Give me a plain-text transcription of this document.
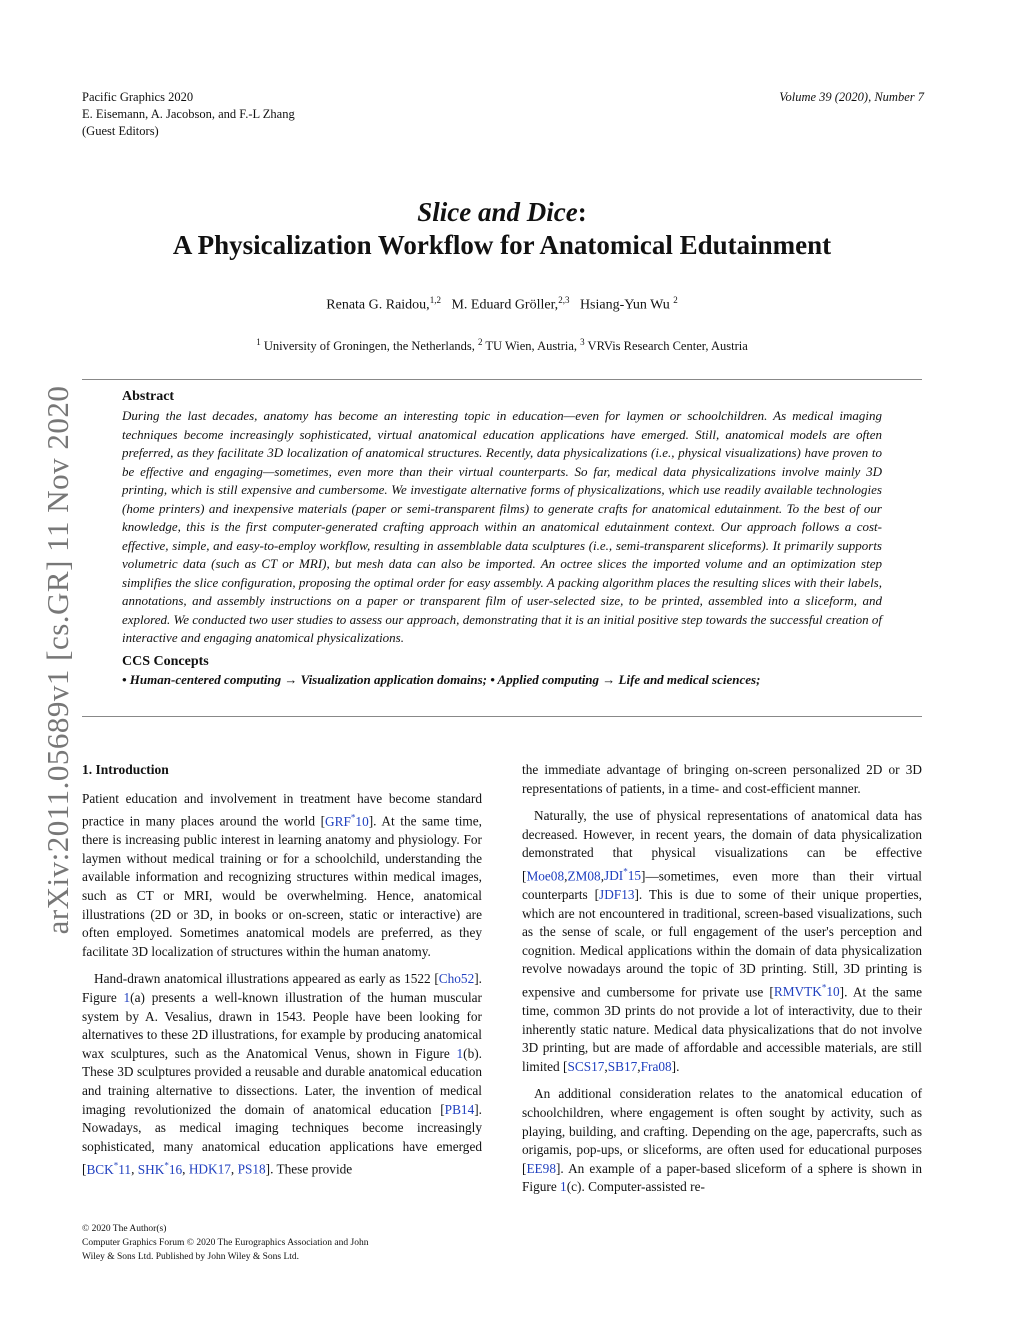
Pacific Graphics 2020
E. Eisemann, A. Jacobson, and F.-L Zhang
(Guest Editors)
Volume 39 (2020), Number 7
arXiv:2011.05689v1 [cs.GR] 11 Nov 2020
Slice and Dice:
A Physicalization Workflow for Anatomical Edutainment
Renata G. Raidou,$^{1,2}$ M. Eduard Gröller,$^{2,3}$ Hsiang-Yun Wu $^2$
$^1$ University of Groningen, the Netherlands, $^2$ TU Wien, Austria, $^3$ VRVis Research Center, Austria
Abstract

During the last decades, anatomy has become an interesting topic in education—even for laymen or schoolchildren. As medical imaging techniques become increasingly sophisticated, virtual anatomical education applications have emerged. Still, anatomical models are often preferred, as they facilitate 3D localization of anatomical structures. Recently, data physicalizations (i.e., physical visualizations) have proven to be effective and engaging—sometimes, even more than their virtual counterparts. So far, medical data physicalizations involve mainly 3D printing, which is still expensive and cumbersome. We investigate alternative forms of physicalizations, which use readily available technologies (home printers) and inexpensive materials (paper or semi-transparent films) to generate crafts for anatomical edutainment. To the best of our knowledge, this is the first computer-generated crafting approach within an anatomical edutainment context. Our approach follows a cost-effective, simple, and easy-to-employ workflow, resulting in assemblable data sculptures (i.e., semi-transparent sliceforms). It primarily supports volumetric data (such as CT or MRI), but mesh data can also be imported. An octree slices the imported volume and an optimization step simplifies the slice configuration, proposing the optimal order for easy assembly. A packing algorithm places the resulting slices with their labels, annotations, and assembly instructions on a paper or transparent film of user-selected size, to be printed, assembled into a sliceform, and explored. We conducted two user studies to assess our approach, demonstrating that it is an initial positive step towards the successful creation of interactive and engaging anatomical physicalizations.

CCS Concepts
• Human-centered computing → Visualization application domains; • Applied computing → Life and medical sciences;
1. Introduction

Patient education and involvement in treatment have become standard practice in many places around the world [GRF*10]. At the same time, there is increasing public interest in learning anatomy and physiology. For laymen without medical training or for a schoolchild, understanding the available information and recognizing structures within medical images, such as CT or MRI, would be overwhelming. Hence, anatomical illustrations (2D or 3D, in books or on-screen, static or interactive) are often employed. Sometimes anatomical models are preferred, as they facilitate 3D localization of structures within the human anatomy.

Hand-drawn anatomical illustrations appeared as early as 1522 [Cho52]. Figure 1(a) presents a well-known illustration of the human muscular system by A. Vesalius, drawn in 1543. People have been looking for alternatives to these 2D illustrations, for example by producing anatomical wax sculptures, such as the Anatomical Venus, shown in Figure 1(b). These 3D sculptures provided a reusable and durable anatomical education and training alternative to dissections. Later, the invention of medical imaging revolutionized the domain of anatomical education [PB14]. Nowadays, as medical imaging techniques become increasingly sophisticated, many anatomical education applications have emerged [BCK*11, SHK*16, HDK17, PS18]. These provide

the immediate advantage of bringing on-screen personalized 2D or 3D representations of patients, in a time- and cost-efficient manner.

Naturally, the use of physical representations of anatomical data has decreased. However, in recent years, the domain of data physicalization demonstrated that physical visualizations can be effective [Moe08,ZM08,JDI*15]—sometimes, even more than their virtual counterparts [JDF13]. This is due to some of their unique properties, which are not encountered in traditional, screen-based visualizations, such as the sense of scale, or full engagement of the user's perception and cognition. Medical applications within the domain of data physicalization revolve nowadays around the topic of 3D printing. Still, 3D printing is expensive and cumbersome for private use [RMVTK*10]. At the same time, common 3D prints do not provide a lot of interactivity, due to their inherently static nature. Medical data physicalizations that do not involve 3D printing, but are made of affordable and accessible materials, are still limited [SCS17,SB17,Fra08].

An additional consideration relates to the anatomical education of schoolchildren, where engagement is often sought by activity, such as playing, building, and crafting. Depending on the age, papercrafts, such as origamis, pop-ups, or sliceforms, are often used for educational purposes [EE98]. An example of a paper-based sliceform of a sphere is shown in Figure 1(c). Computer-assisted re-

© 2020 The Author(s)
Computer Graphics Forum © 2020 The Eurographics Association and John
Wiley & Sons Ltd. Published by John Wiley & Sons Ltd.
